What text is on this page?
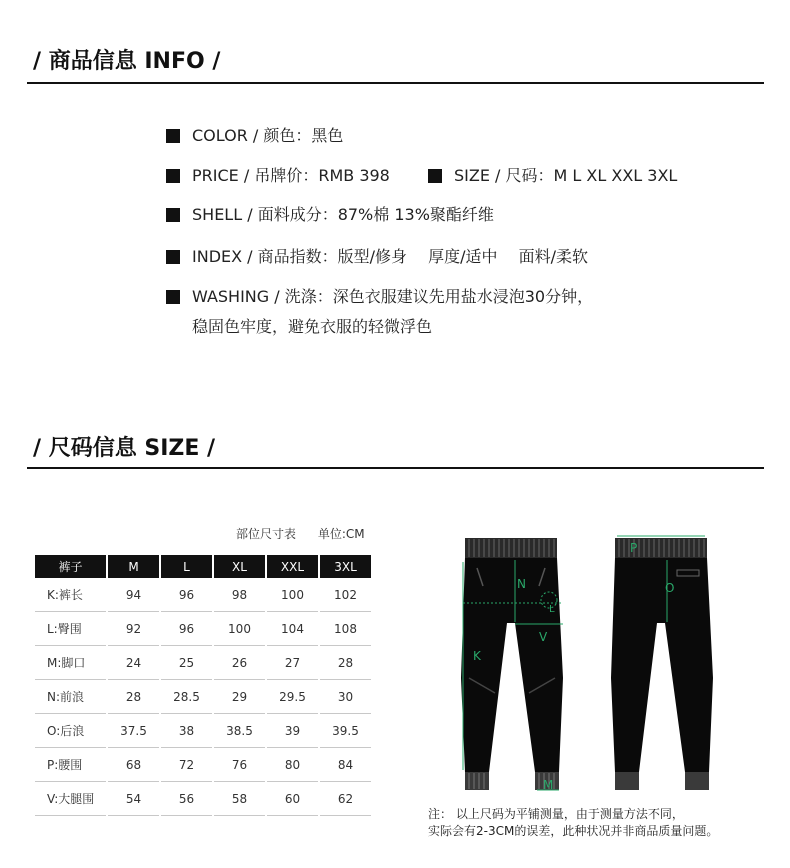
/ 商品信息 INFO /
COLOR / 颜色：黑色
PRICE / 吊牌价：RMB 398	SIZE / 尺码：M L XL XXL 3XL
SHELL / 面料成分：87%棉 13%聚酯纤维
INDEX / 商品指数：版型/修身　 厚度/适中　 面料/柔软
WASHING / 洗涤：深色衣服建议先用盐水浸泡30分钟，
稳固色牢度，避免衣服的轻微浮色
/ 尺码信息 SIZE /
部位尺寸表 单位:CM
裤子	M	L	XL	XXL	3XL
K:裤长	94	96	98	100	102
L:臀围	92	96	100	104	108
M:脚口	24	25	26	27	28
N:前浪	28	28.5	29	29.5	30
O:后浪	37.5	38	38.5	39	39.5
P:腰围	68	72	76	80	84
V:大腿围	54	56	58	60	62
K
L
M
N	O
P
V
注： 以上尺码为平铺测量，由于测量方法不同，
实际会有2-3CM的误差，此种状况并非商品质量问题。
